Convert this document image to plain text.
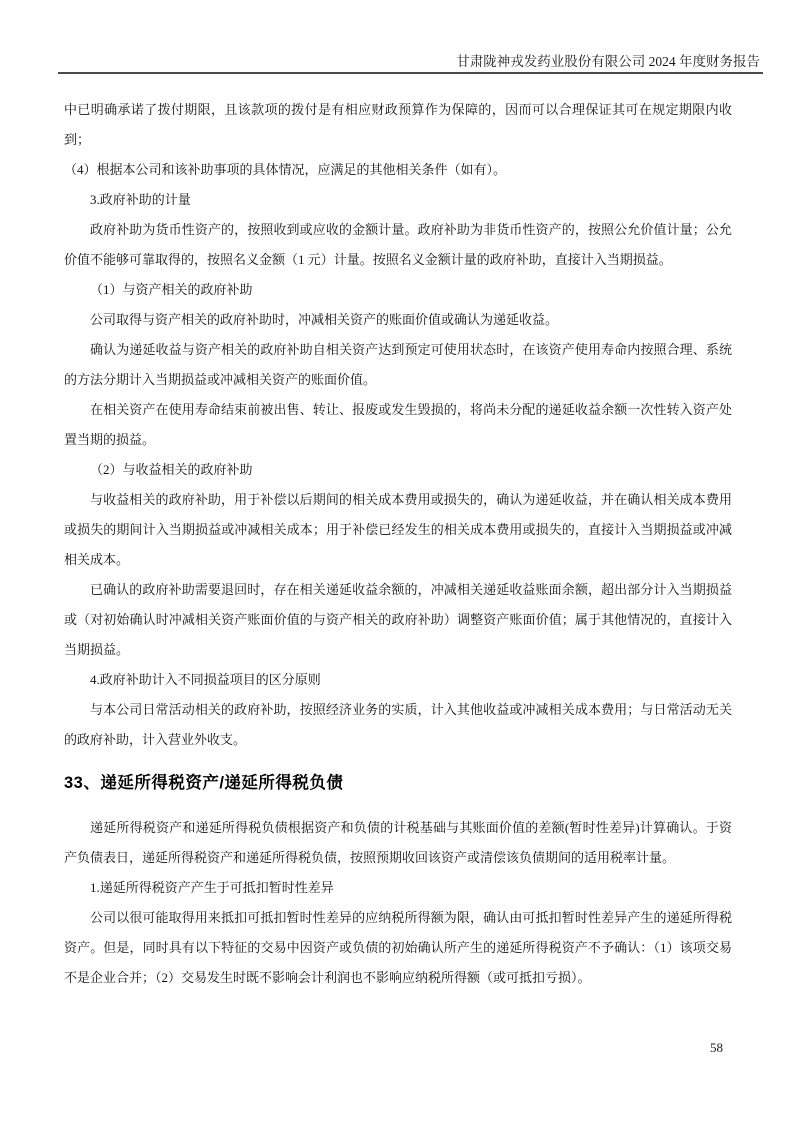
甘肃陇神戎发药业股份有限公司 2024 年度财务报告

中已明确承诺了拨付期限，且该款项的拨付是有相应财政预算作为保障的，因而可以合理保证其可在规定期限内收到；

（4）根据本公司和该补助事项的具体情况，应满足的其他相关条件（如有）。

3.政府补助的计量

政府补助为货币性资产的，按照收到或应收的金额计量。政府补助为非货币性资产的，按照公允价值计量；公允价值不能够可靠取得的，按照名义金额（1 元）计量。按照名义金额计量的政府补助，直接计入当期损益。

（1）与资产相关的政府补助

公司取得与资产相关的政府补助时，冲减相关资产的账面价值或确认为递延收益。

确认为递延收益与资产相关的政府补助自相关资产达到预定可使用状态时，在该资产使用寿命内按照合理、系统的方法分期计入当期损益或冲减相关资产的账面价值。

在相关资产在使用寿命结束前被出售、转让、报废或发生毁损的，将尚未分配的递延收益余额一次性转入资产处置当期的损益。

（2）与收益相关的政府补助

与收益相关的政府补助，用于补偿以后期间的相关成本费用或损失的，确认为递延收益，并在确认相关成本费用或损失的期间计入当期损益或冲减相关成本；用于补偿已经发生的相关成本费用或损失的，直接计入当期损益或冲减相关成本。

已确认的政府补助需要退回时，存在相关递延收益余额的，冲减相关递延收益账面余额，超出部分计入当期损益或（对初始确认时冲减相关资产账面价值的与资产相关的政府补助）调整资产账面价值；属于其他情况的，直接计入当期损益。

4.政府补助计入不同损益项目的区分原则

与本公司日常活动相关的政府补助，按照经济业务的实质，计入其他收益或冲减相关成本费用；与日常活动无关的政府补助，计入营业外收支。

33、递延所得税资产/递延所得税负债

递延所得税资产和递延所得税负债根据资产和负债的计税基础与其账面价值的差额(暂时性差异)计算确认。于资产负债表日，递延所得税资产和递延所得税负债，按照预期收回该资产或清偿该负债期间的适用税率计量。

1.递延所得税资产产生于可抵扣暂时性差异

公司以很可能取得用来抵扣可抵扣暂时性差异的应纳税所得额为限，确认由可抵扣暂时性差异产生的递延所得税资产。但是，同时具有以下特征的交易中因资产或负债的初始确认所产生的递延所得税资产不予确认：（1）该项交易不是企业合并；（2）交易发生时既不影响会计利润也不影响应纳税所得额（或可抵扣亏损）。

58
